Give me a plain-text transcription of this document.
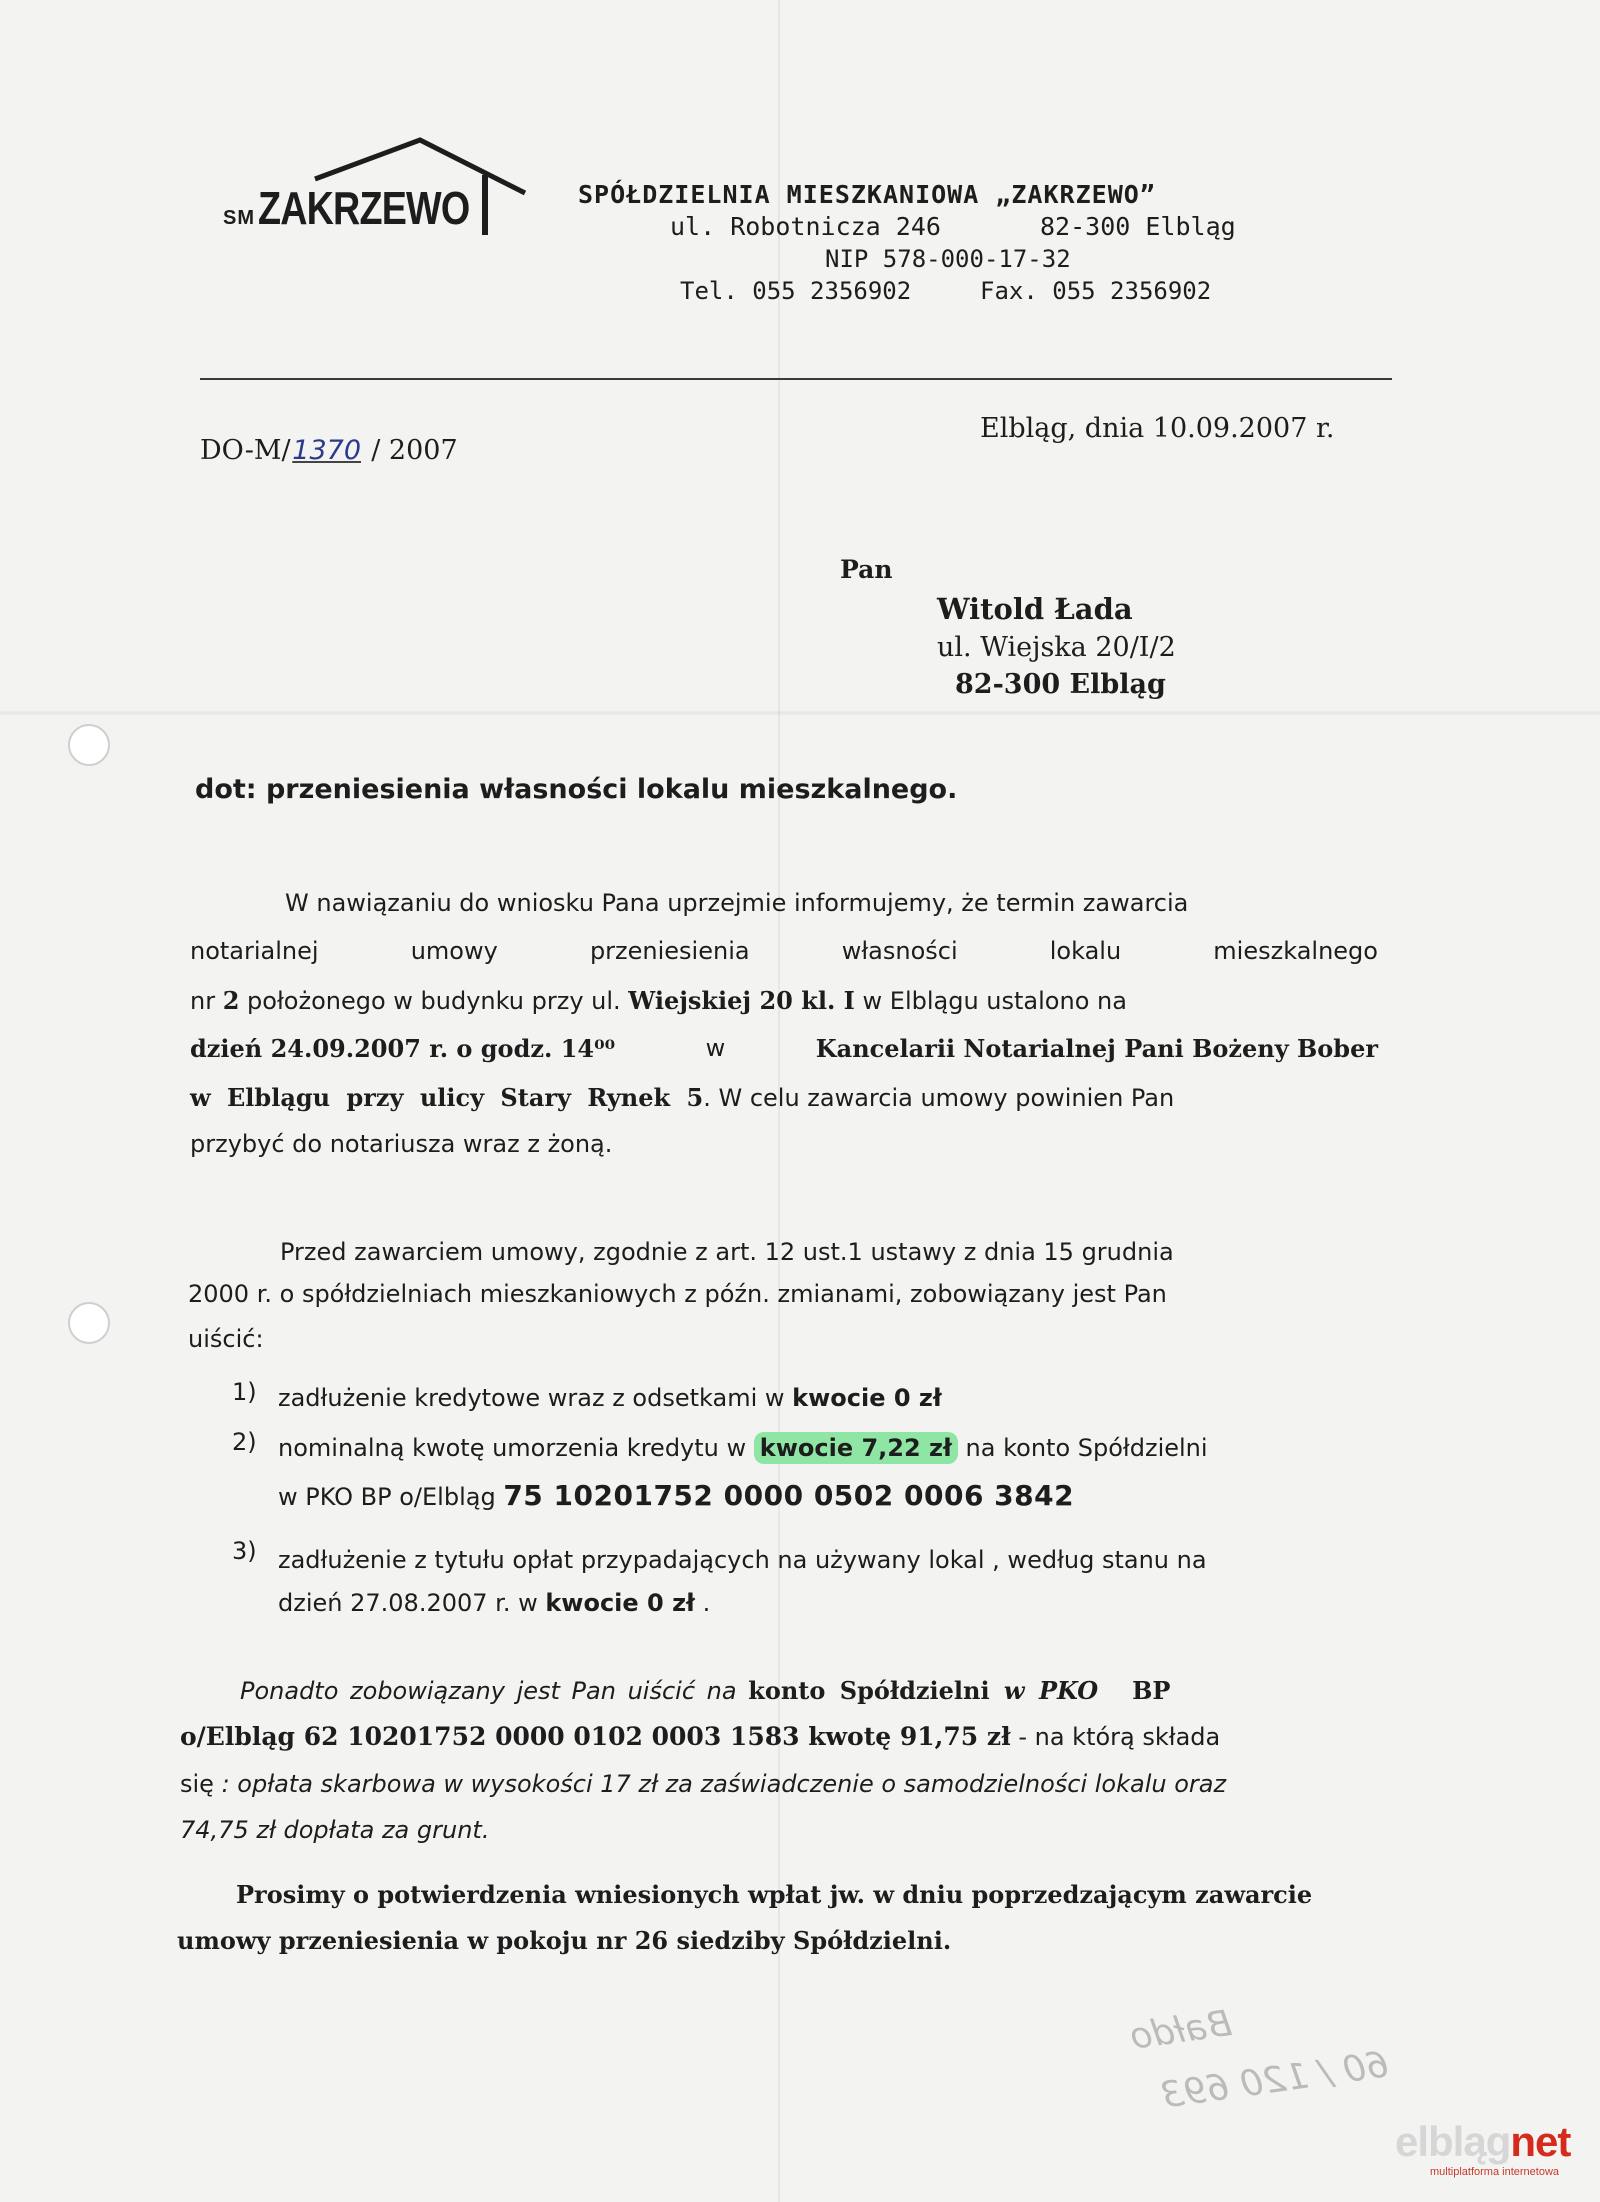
SM ZAKRZEWO	SPÓŁDZIELNIA MIESZKANIOWA „ZAKRZEWO”
ul. Robotnicza 246	82-300 Elbląg
NIP 578-000-17-32
Tel. 055 2356902	Fax. 055 2356902
DO-M/1370 / 2007
Elbląg, dnia 10.09.2007 r.
Pan
Witold Łada
ul. Wiejska 20/I/2
82-300 Elbląg
dot: przeniesienia własności lokalu mieszkalnego.
W nawiązaniu do wniosku Pana uprzejmie informujemy, że termin zawarcia
notarialnej	umowy	przeniesienia	własności	lokalu	mieszkalnego
nr 2 położonego w budynku przy ul. Wiejskiej 20 kl. I w Elblągu ustalono na
dzień 24.09.2007 r. o godz. 14⁰⁰	w	Kancelarii Notarialnej Pani Bożeny Bober
w Elblągu przy ulicy Stary Rynek 5. W celu zawarcia umowy powinien Pan
przybyć do notariusza wraz z żoną.
Przed zawarciem umowy, zgodnie z art. 12 ust.1 ustawy z dnia 15 grudnia
2000 r. o spółdzielniach mieszkaniowych z późn. zmianami, zobowiązany jest Pan
uiścić:
1) zadłużenie kredytowe wraz z odsetkami w kwocie 0 zł
2) nominalną kwotę umorzenia kredytu w kwocie 7,22 zł na konto Spółdzielni
w PKO BP o/Elbląg 75 10201752 0000 0502 0006 3842
3) zadłużenie z tytułu opłat przypadających na używany lokal , według stanu na
dzień 27.08.2007 r. w kwocie 0 zł .
Ponadto zobowiązany jest Pan uiścić na konto Spółdzielni w PKO BP
o/Elbląg 62 10201752 0000 0102 0003 1583 kwotę 91,75 zł - na którą składa
się : opłata skarbowa w wysokości 17 zł za zaświadczenie o samodzielności lokalu oraz
74,75 zł dopłata za grunt.
Prosimy o potwierdzenia wniesionych wpłat jw. w dniu poprzedzającym zawarcie
umowy przeniesienia w pokoju nr 26 siedziby Spółdzielni.
Bałdo
60 / 120 693
elblągnet
multiplatforma internetowa
